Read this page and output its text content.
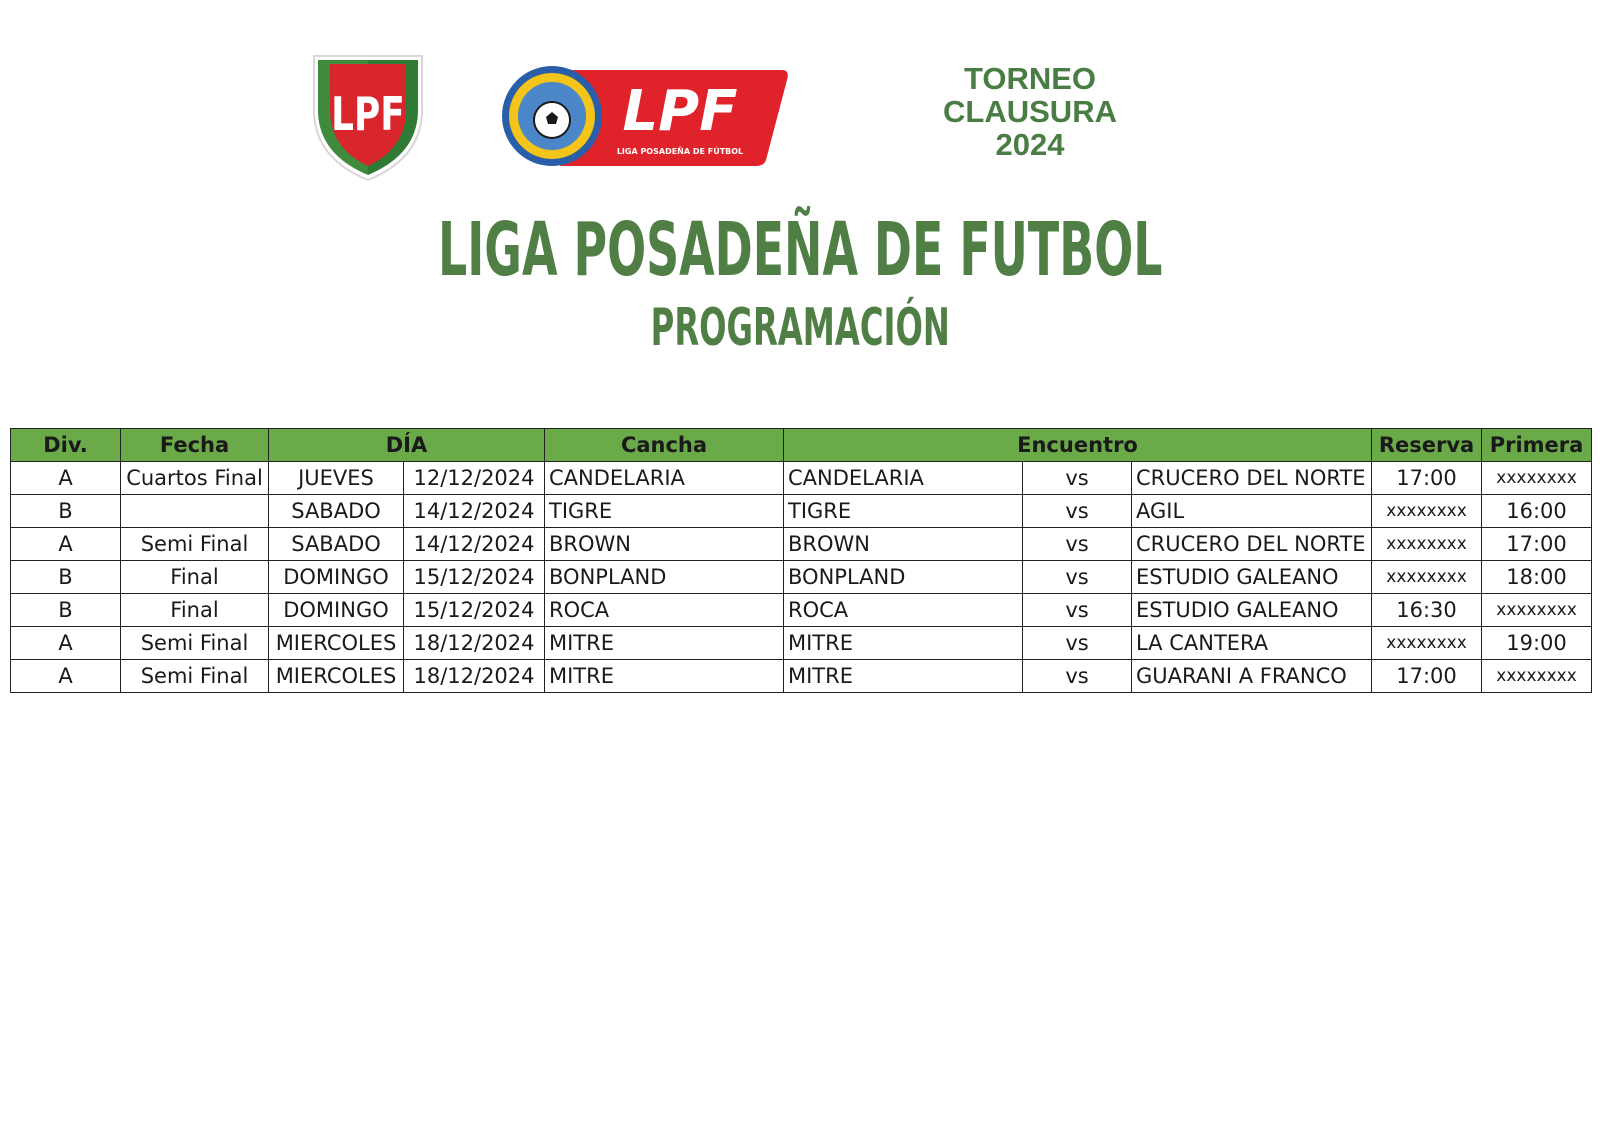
LPF	LPF
LIGA POSADEÑA DE FÚTBOL
TORNEO
CLAUSURA
2024
LIGA POSADEÑA DE FUTBOL
PROGRAMACIÓN
Div.	Fecha	DÍA		Cancha	Encuentro			Reserva	Primera
A	Cuartos Final	JUEVES	12/12/2024	CANDELARIA	CANDELARIA	vs	CRUCERO DEL NORTE	17:00	xxxxxxxx
B		SABADO	14/12/2024	TIGRE	TIGRE	vs	AGIL	xxxxxxxx	16:00
A	Semi Final	SABADO	14/12/2024	BROWN	BROWN	vs	CRUCERO DEL NORTE	xxxxxxxx	17:00
B	Final	DOMINGO	15/12/2024	BONPLAND	BONPLAND	vs	ESTUDIO GALEANO	xxxxxxxx	18:00
B	Final	DOMINGO	15/12/2024	ROCA	ROCA	vs	ESTUDIO GALEANO	16:30	xxxxxxxx
A	Semi Final	MIERCOLES	18/12/2024	MITRE	MITRE	vs	LA CANTERA	xxxxxxxx	19:00
A	Semi Final	MIERCOLES	18/12/2024	MITRE	MITRE	vs	GUARANI A FRANCO	17:00	xxxxxxxx
